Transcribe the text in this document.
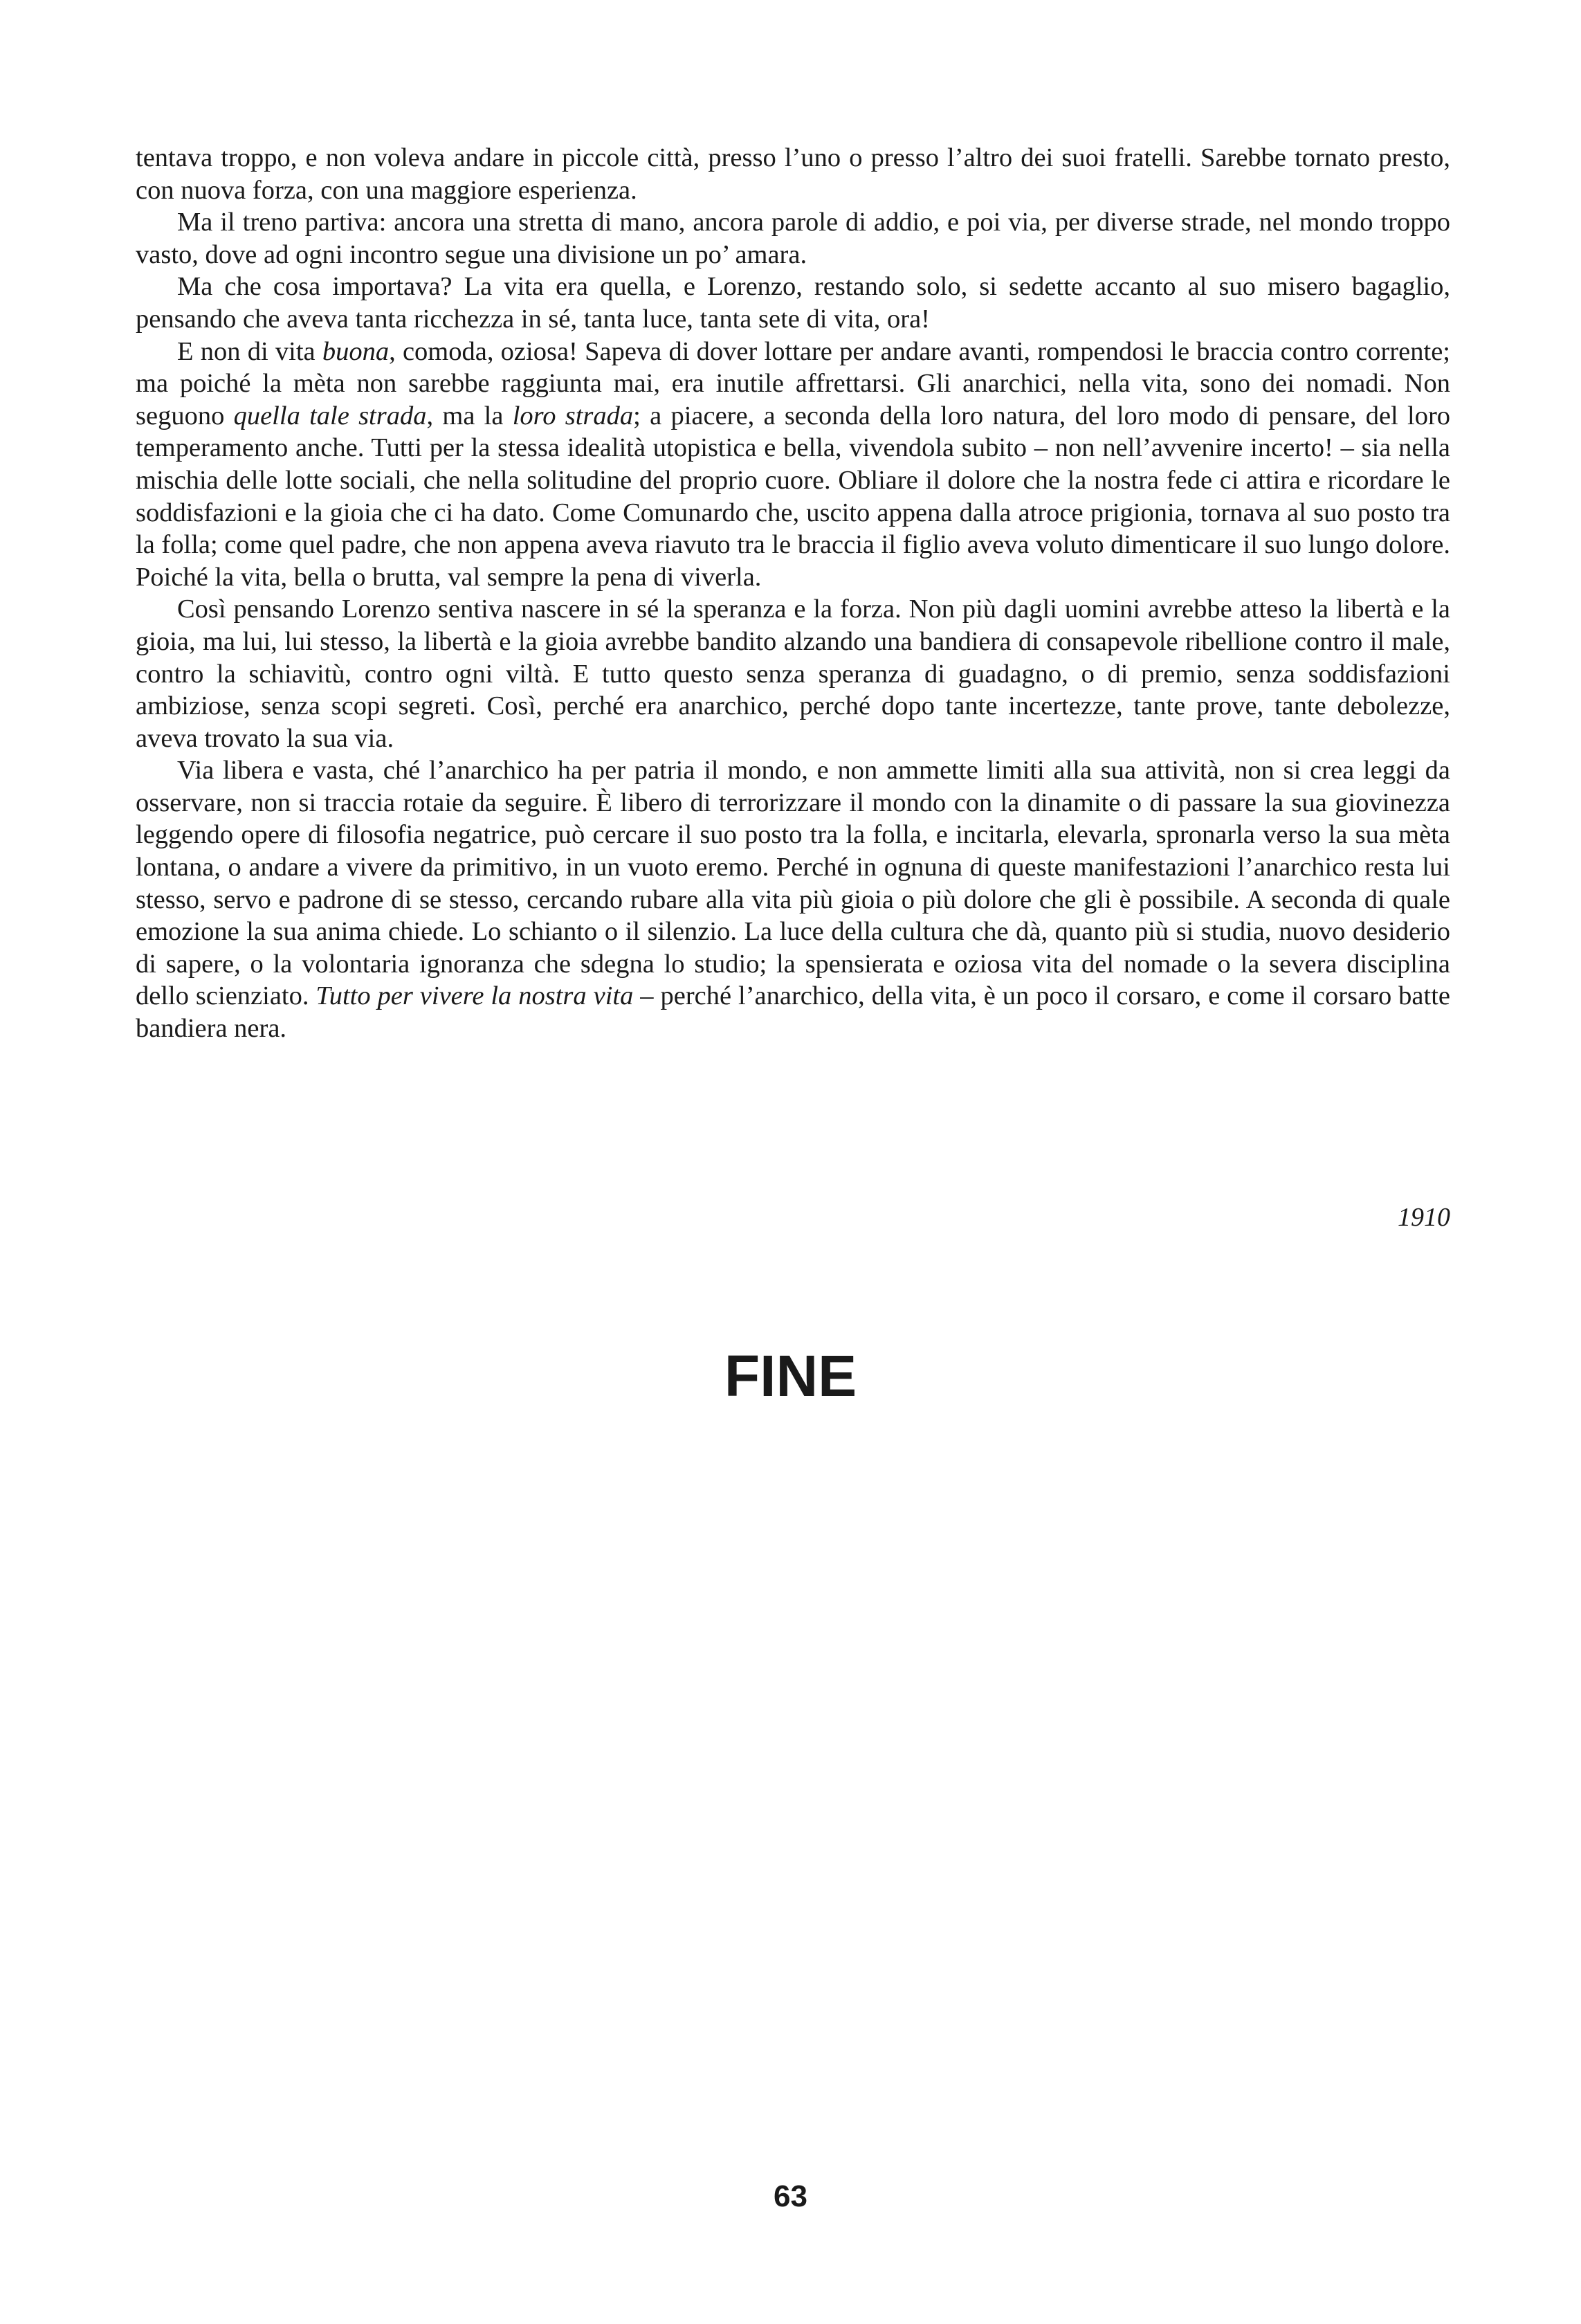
tentava troppo, e non voleva andare in piccole città, presso l’uno o presso l’altro dei suoi fratelli. Sarebbe tornato presto, con nuova forza, con una maggiore esperienza.

Ma il treno partiva: ancora una stretta di mano, ancora parole di addio, e poi via, per diverse strade, nel mondo troppo vasto, dove ad ogni incontro segue una divisione un po’ amara.

Ma che cosa importava? La vita era quella, e Lorenzo, restando solo, si sedette accanto al suo misero bagaglio, pensando che aveva tanta ricchezza in sé, tanta luce, tanta sete di vita, ora!

E non di vita buona, comoda, oziosa! Sapeva di dover lottare per andare avanti, rompendosi le braccia contro corrente; ma poiché la mèta non sarebbe raggiunta mai, era inutile affrettarsi. Gli anarchici, nella vita, sono dei nomadi. Non seguono quella tale strada, ma la loro strada; a piacere, a seconda della loro natura, del loro modo di pensare, del loro temperamento anche. Tutti per la stessa idealità utopistica e bella, vivendola subito – non nell’avvenire incerto! – sia nella mischia delle lotte sociali, che nella solitudine del proprio cuore. Obliare il dolore che la nostra fede ci attira e ricordare le soddisfazioni e la gioia che ci ha dato. Come Comunardo che, uscito appena dalla atroce prigionia, tornava al suo posto tra la folla; come quel padre, che non appena aveva riavuto tra le braccia il figlio aveva voluto dimenticare il suo lungo dolore. Poiché la vita, bella o brutta, val sempre la pena di viverla.

Così pensando Lorenzo sentiva nascere in sé la speranza e la forza. Non più dagli uomini avrebbe atteso la libertà e la gioia, ma lui, lui stesso, la libertà e la gioia avrebbe bandito alzando una bandiera di consapevole ribellione contro il male, contro la schiavitù, contro ogni viltà. E tutto questo senza speranza di guadagno, o di premio, senza soddisfazioni ambiziose, senza scopi segreti. Così, perché era anarchico, perché dopo tante incertezze, tante prove, tante debolezze, aveva trovato la sua via.

Via libera e vasta, ché l’anarchico ha per patria il mondo, e non ammette limiti alla sua attività, non si crea leggi da osservare, non si traccia rotaie da seguire. È libero di terrorizzare il mondo con la dinamite o di passare la sua giovinezza leggendo opere di filosofia negatrice, può cercare il suo posto tra la folla, e incitarla, elevarla, spronarla verso la sua mèta lontana, o andare a vivere da primitivo, in un vuoto eremo. Perché in ognuna di queste manifestazioni l’anarchico resta lui stesso, servo e padrone di se stesso, cercando rubare alla vita più gioia o più dolore che gli è possibile. A seconda di quale emozione la sua anima chiede. Lo schianto o il silenzio. La luce della cultura che dà, quanto più si studia, nuovo desiderio di sapere, o la volontaria ignoranza che sdegna lo studio; la spensierata e oziosa vita del nomade o la severa disciplina dello scienziato. Tutto per vivere la nostra vita – perché l’anarchico, della vita, è un poco il corsaro, e come il corsaro batte bandiera nera.

1910
FINE
63
